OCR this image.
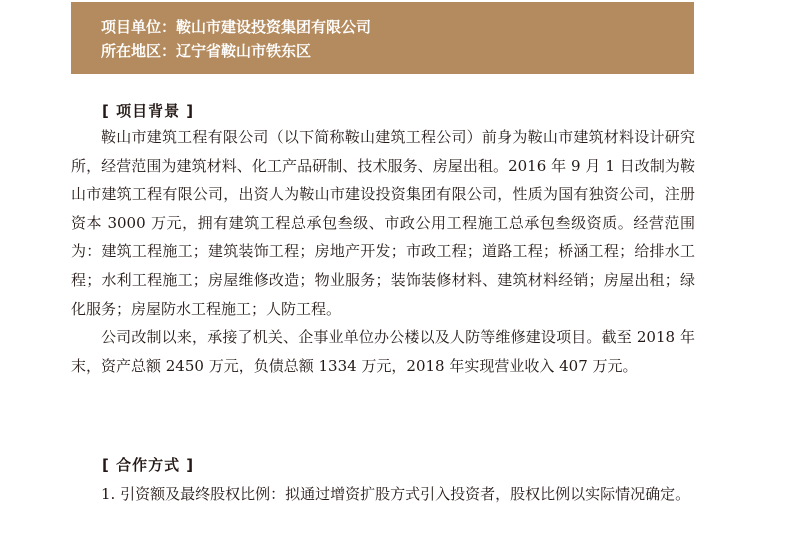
项目单位：鞍山市建设投资集团有限公司
所在地区：辽宁省鞍山市铁东区
[ 项目背景 ]

鞍山市建筑工程有限公司（以下简称鞍山建筑工程公司）前身为鞍山市建筑材料设计研究所，经营范围为建筑材料、化工产品研制、技术服务、房屋出租。2016 年 9 月 1 日改制为鞍山市建筑工程有限公司，出资人为鞍山市建设投资集团有限公司，性质为国有独资公司，注册资本 3000 万元，拥有建筑工程总承包叁级、市政公用工程施工总承包叁级资质。经营范围为：建筑工程施工；建筑装饰工程；房地产开发；市政工程；道路工程；桥涵工程；给排水工程；水利工程施工；房屋维修改造；物业服务；装饰装修材料、建筑材料经销；房屋出租；绿化服务；房屋防水工程施工；人防工程。

公司改制以来，承接了机关、企事业单位办公楼以及人防等维修建设项目。截至 2018 年末，资产总额 2450 万元，负债总额 1334 万元，2018 年实现营业收入 407 万元。

[ 合作方式 ]

1. 引资额及最终股权比例：拟通过增资扩股方式引入投资者，股权比例以实际情况确定。
